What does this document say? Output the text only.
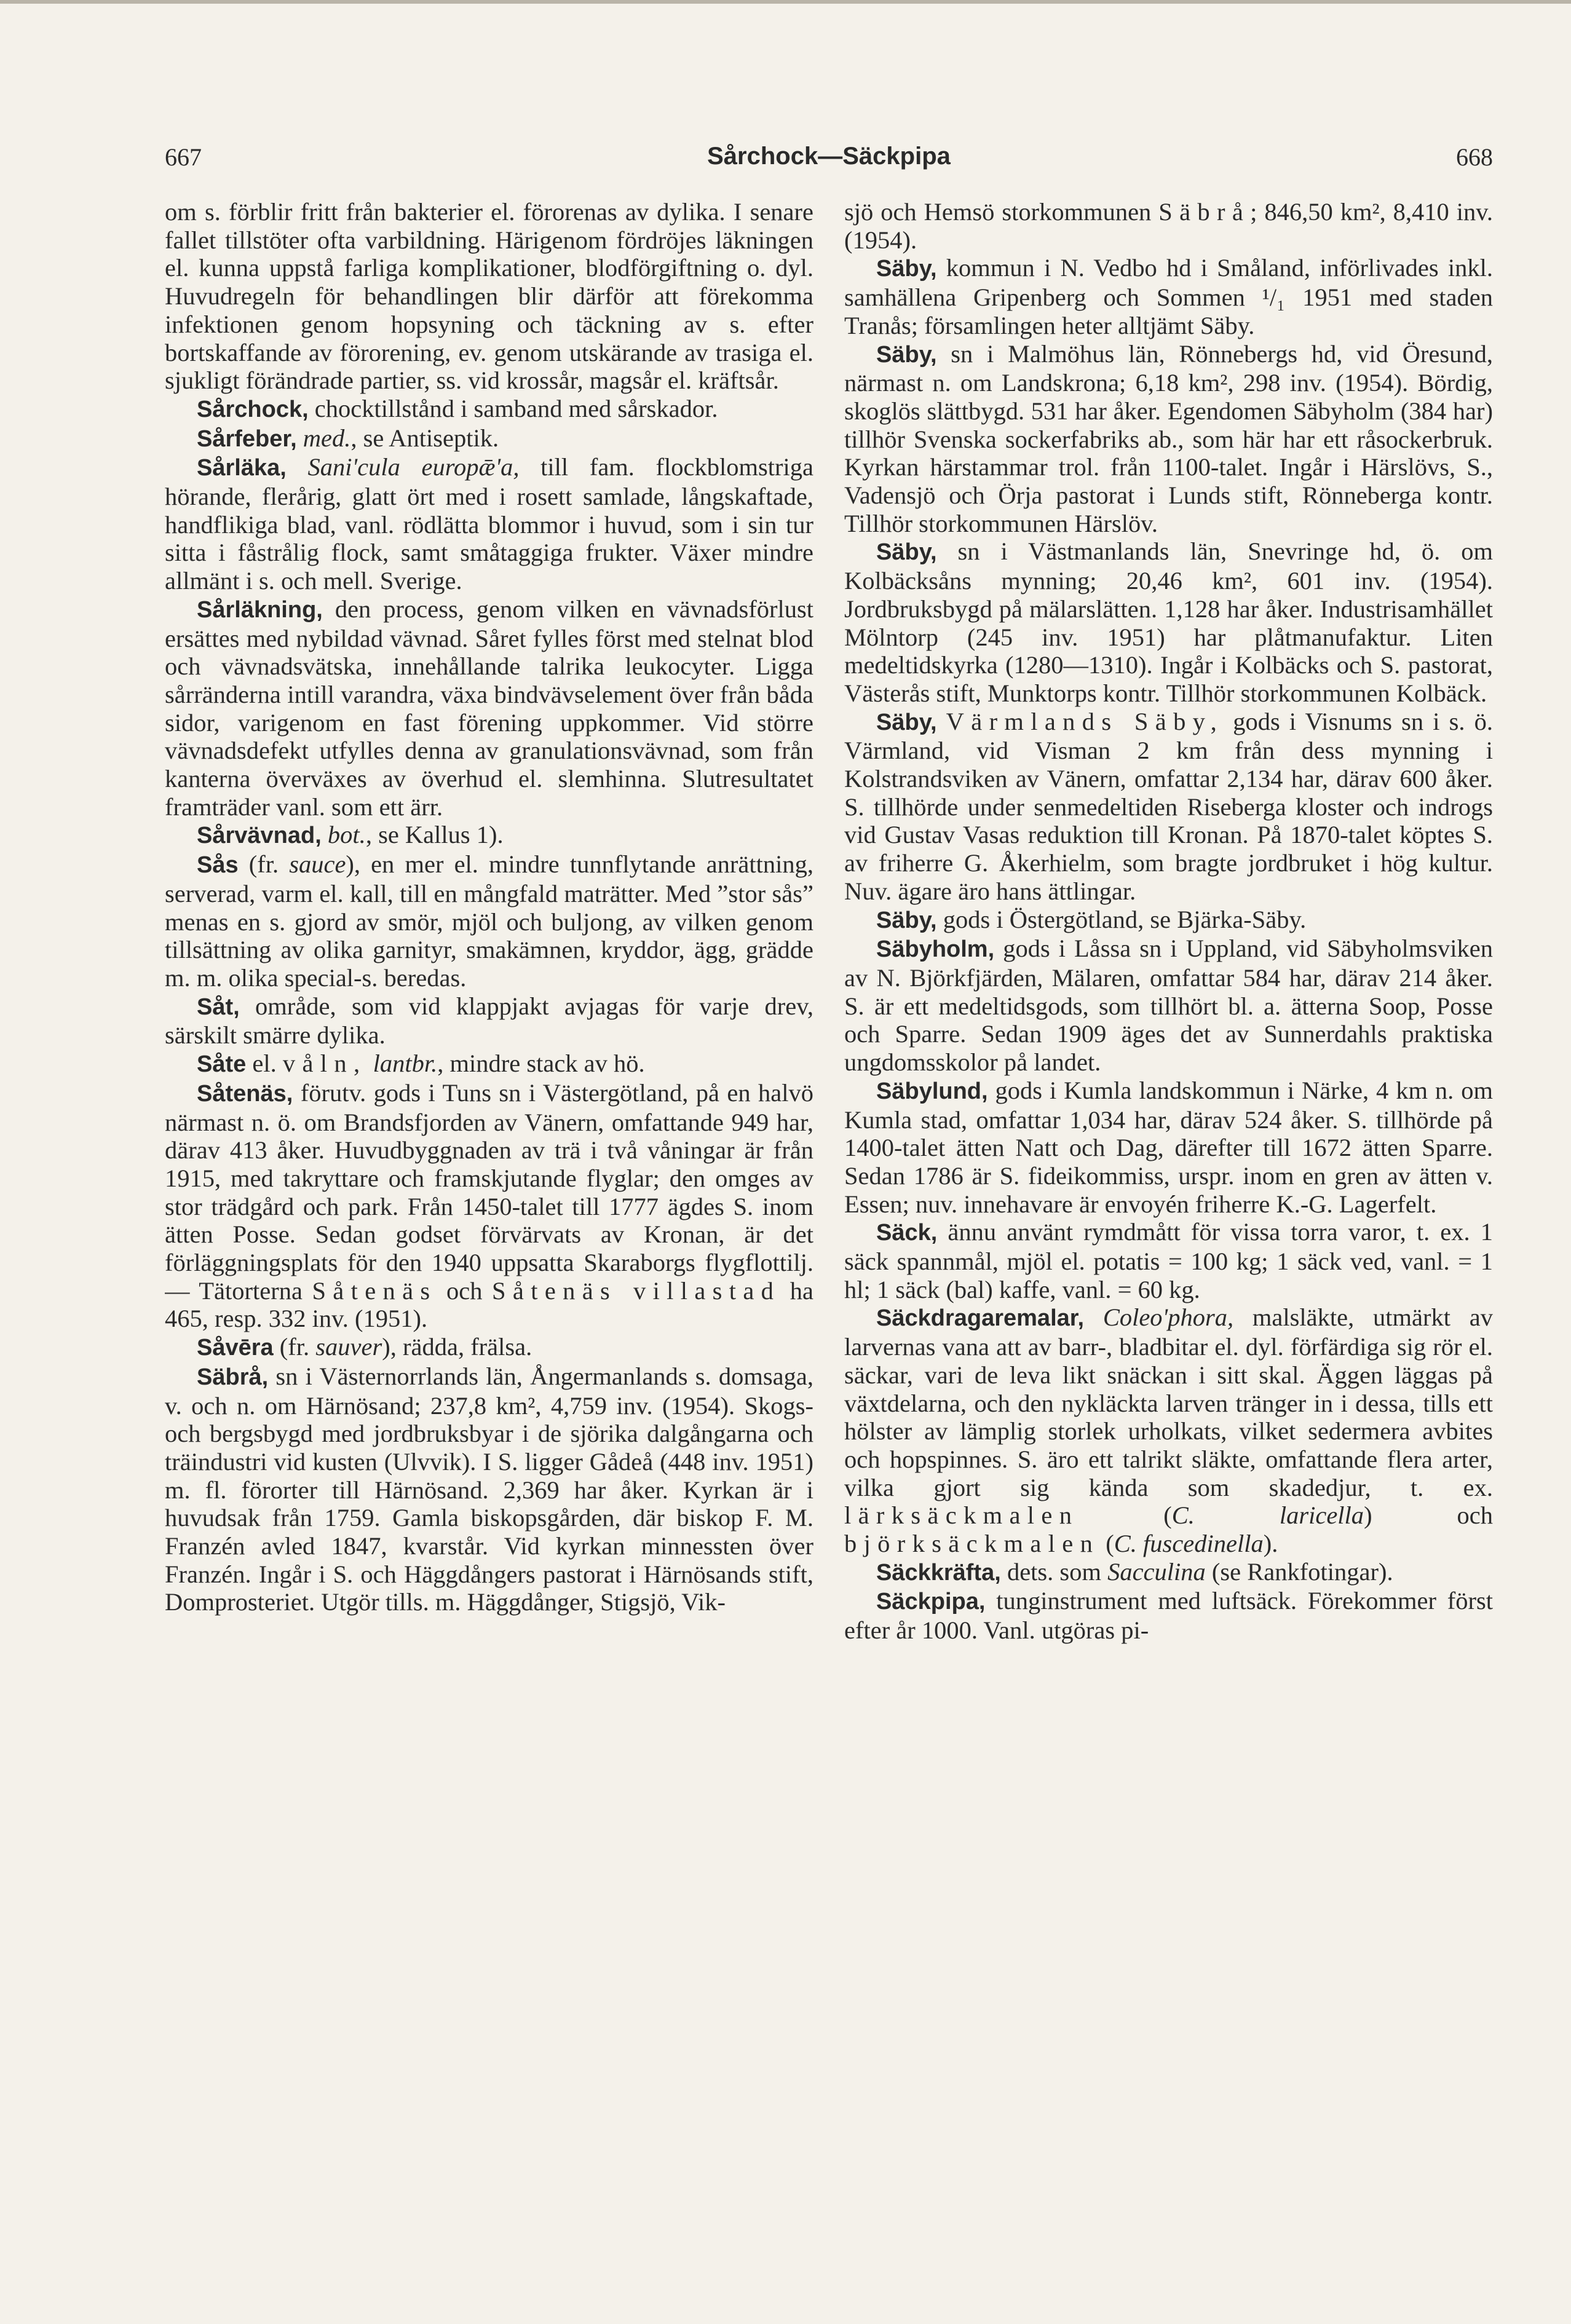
667	Sårchock—Säckpipa	668

om s. förblir fritt från bakterier el. förorenas av dylika. I senare fallet tillstöter ofta varbildning. Härigenom fördröjes läkningen el. kunna uppstå farliga komplikationer, blodförgiftning o. dyl. Huvudregeln för behandlingen blir därför att förekomma infektionen genom hopsyning och täckning av s. efter bortskaffande av förorening, ev. genom utskärande av trasiga el. sjukligt förändrade partier, ss. vid krossår, magsår el. kräftsår.

Sårchock, chocktillstånd i samband med sårskador.

Sårfeber, med., se Antiseptik.

Sårläka, Sani'cula europǣ'a, till fam. flockblomstriga hörande, flerårig, glatt ört med i rosett samlade, långskaftade, handflikiga blad, vanl. rödlätta blommor i huvud, som i sin tur sitta i fåstrålig flock, samt småtaggiga frukter. Växer mindre allmänt i s. och mell. Sverige.

Sårläkning, den process, genom vilken en vävnadsförlust ersättes med nybildad vävnad. Såret fylles först med stelnat blod och vävnadsvätska, innehållande talrika leukocyter. Ligga sårränderna intill varandra, växa bindvävselement över från båda sidor, varigenom en fast förening uppkommer. Vid större vävnadsdefekt utfylles denna av granulationsvävnad, som från kanterna överväxes av överhud el. slemhinna. Slutresultatet framträder vanl. som ett ärr.

Sårvävnad, bot., se Kallus 1).

Sås (fr. sauce), en mer el. mindre tunnflytande anrättning, serverad, varm el. kall, till en mångfald maträtter. Med ”stor sås” menas en s. gjord av smör, mjöl och buljong, av vilken genom tillsättning av olika garnityr, smakämnen, kryddor, ägg, grädde m. m. olika special-s. beredas.

Såt, område, som vid klappjakt avjagas för varje drev, särskilt smärre dylika.

Såte el. våln, lantbr., mindre stack av hö.

Såtenäs, förutv. gods i Tuns sn i Västergötland, på en halvö närmast n. ö. om Brandsfjorden av Vänern, omfattande 949 har, därav 413 åker. Huvudbyggnaden av trä i två våningar är från 1915, med takryttare och framskjutande flyglar; den omges av stor trädgård och park. Från 1450-talet till 1777 ägdes S. inom ätten Posse. Sedan godset förvärvats av Kronan, är det förläggningsplats för den 1940 uppsatta Skaraborgs flygflottilj. — Tätorterna Såtenäs och Såtenäs villastad ha 465, resp. 332 inv. (1951).

Såvēra (fr. sauver), rädda, frälsa.

Säbrå, sn i Västernorrlands län, Ångermanlands s. domsaga, v. och n. om Härnösand; 237,8 km², 4,759 inv. (1954). Skogs- och bergsbygd med jordbruksbyar i de sjörika dalgångarna och träindustri vid kusten (Ulvvik). I S. ligger Gådeå (448 inv. 1951) m. fl. förorter till Härnösand. 2,369 har åker. Kyrkan är i huvudsak från 1759. Gamla biskopsgården, där biskop F. M. Franzén avled 1847, kvarstår. Vid kyrkan minnessten över Franzén. Ingår i S. och Häggdångers pastorat i Härnösands stift, Domprosteriet. Utgör tills. m. Häggdånger, Stigsjö, Vik-

sjö och Hemsö storkommunen Säbrå; 846,50 km², 8,410 inv. (1954).

Säby, kommun i N. Vedbo hd i Småland, införlivades inkl. samhällena Gripenberg och Sommen ¹/₁ 1951 med staden Tranås; församlingen heter alltjämt Säby.

Säby, sn i Malmöhus län, Rönnebergs hd, vid Öresund, närmast n. om Landskrona; 6,18 km², 298 inv. (1954). Bördig, skoglös slättbygd. 531 har åker. Egendomen Säbyholm (384 har) tillhör Svenska sockerfabriks ab., som här har ett råsockerbruk. Kyrkan härstammar trol. från 1100-talet. Ingår i Härslövs, S., Vadensjö och Örja pastorat i Lunds stift, Rönneberga kontr. Tillhör storkommunen Härslöv.

Säby, sn i Västmanlands län, Snevringe hd, ö. om Kolbäcksåns mynning; 20,46 km², 601 inv. (1954). Jordbruksbygd på mälarslätten. 1,128 har åker. Industrisamhället Mölntorp (245 inv. 1951) har plåtmanufaktur. Liten medeltidskyrka (1280—1310). Ingår i Kolbäcks och S. pastorat, Västerås stift, Munktorps kontr. Tillhör storkommunen Kolbäck.

Säby, Värmlands Säby, gods i Visnums sn i s. ö. Värmland, vid Visman 2 km från dess mynning i Kolstrandsviken av Vänern, omfattar 2,134 har, därav 600 åker. S. tillhörde under senmedeltiden Riseberga kloster och indrogs vid Gustav Vasas reduktion till Kronan. På 1870-talet köptes S. av friherre G. Åkerhielm, som bragte jordbruket i hög kultur. Nuv. ägare äro hans ättlingar.

Säby, gods i Östergötland, se Bjärka-Säby.

Säbyholm, gods i Låssa sn i Uppland, vid Säbyholmsviken av N. Björkfjärden, Mälaren, omfattar 584 har, därav 214 åker. S. är ett medeltidsgods, som tillhört bl. a. ätterna Soop, Posse och Sparre. Sedan 1909 äges det av Sunnerdahls praktiska ungdomsskolor på landet.

Säbylund, gods i Kumla landskommun i Närke, 4 km n. om Kumla stad, omfattar 1,034 har, därav 524 åker. S. tillhörde på 1400-talet ätten Natt och Dag, därefter till 1672 ätten Sparre. Sedan 1786 är S. fideikommiss, urspr. inom en gren av ätten v. Essen; nuv. innehavare är envoyén friherre K.-G. Lagerfelt.

Säck, ännu använt rymdmått för vissa torra varor, t. ex. 1 säck spannmål, mjöl el. potatis = 100 kg; 1 säck ved, vanl. = 1 hl; 1 säck (bal) kaffe, vanl. = 60 kg.

Säckdragaremalar, Coleo'phora, malsläkte, utmärkt av larvernas vana att av barr-, bladbitar el. dyl. förfärdiga sig rör el. säckar, vari de leva likt snäckan i sitt skal. Äggen läggas på växtdelarna, och den nykläckta larven tränger in i dessa, tills ett hölster av lämplig storlek urholkats, vilket sedermera avbites och hopspinnes. S. äro ett talrikt släkte, omfattande flera arter, vilka gjort sig kända som skadedjur, t. ex. lärksäckmalen (C. laricella) och björksäckmalen (C. fuscedinella).

Säckkräfta, dets. som Sacculina (se Rankfotingar).

Säckpipa, tunginstrument med luftsäck. Förekommer först efter år 1000. Vanl. utgöras pi-
